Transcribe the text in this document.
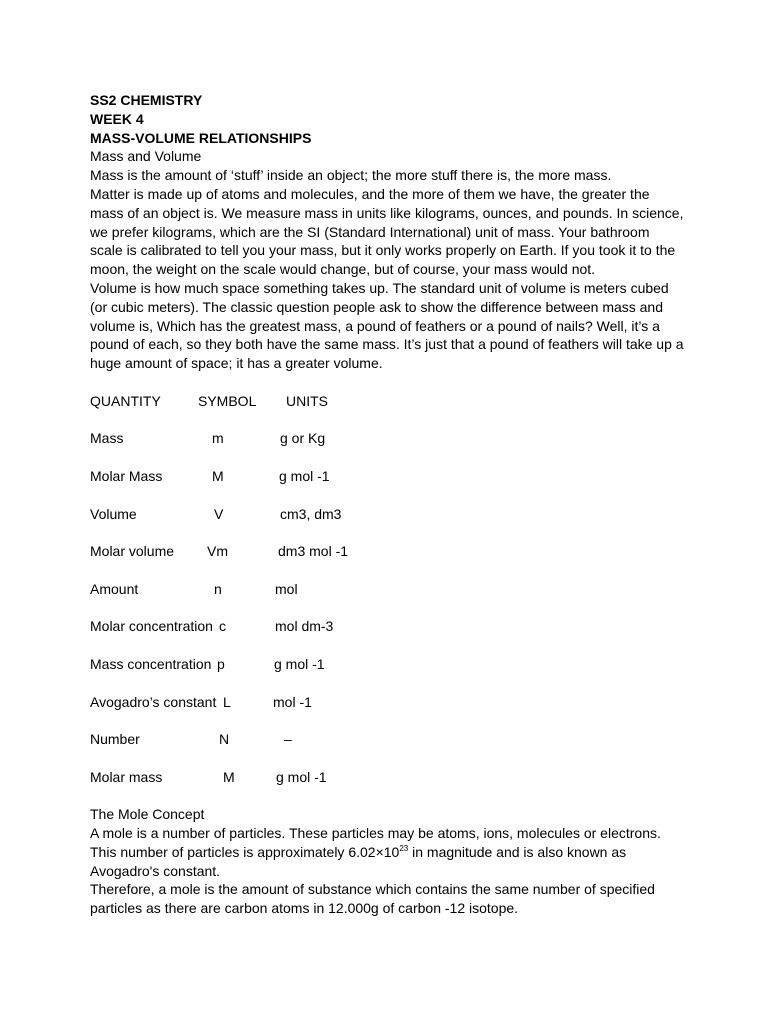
SS2 CHEMISTRY
WEEK 4
MASS-VOLUME RELATIONSHIPS
Mass and Volume
Mass is the amount of ‘stuff’ inside an object; the more stuff there is, the more mass.
Matter is made up of atoms and molecules, and the more of them we have, the greater the
mass of an object is. We measure mass in units like kilograms, ounces, and pounds. In science,
we prefer kilograms, which are the SI (Standard International) unit of mass. Your bathroom
scale is calibrated to tell you your mass, but it only works properly on Earth. If you took it to the
moon, the weight on the scale would change, but of course, your mass would not.
Volume is how much space something takes up. The standard unit of volume is meters cubed
(or cubic meters). The classic question people ask to show the difference between mass and
volume is, Which has the greatest mass, a pound of feathers or a pound of nails? Well, it’s a
pound of each, so they both have the same mass. It’s just that a pound of feathers will take up a
huge amount of space; it has a greater volume.
QUANTITY	SYMBOL UNITS
Mass	m	g or Kg
Molar Mass	M	g mol -1
Volume	V	cm3, dm3
Molar volume Vm	dm3 mol -1
Amount	n	mol
Molar concentration c	mol dm-3
Mass concentration p	g mol -1
Avogadro’s constant L	mol -1
Number	N	–
Molar mass	M	g mol -1
The Mole Concept
A mole is a number of particles. These particles may be atoms, ions, molecules or electrons.
This number of particles is approximately $6.02\times 10^{23}$ in magnitude and is also known as
Avogadro's constant.
Therefore, a mole is the amount of substance which contains the same number of specified
particles as there are carbon atoms in 12.000g of carbon -12 isotope.
